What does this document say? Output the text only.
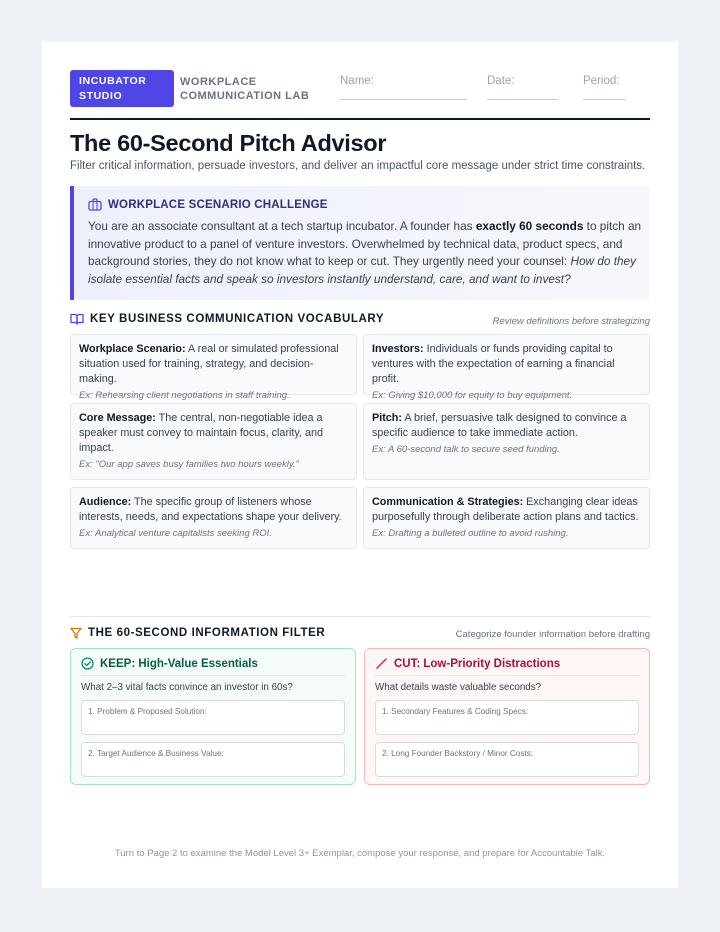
INCUBATOR
STUDIO
WORKPLACE
COMMUNICATION LAB
Name:	Date:	Period:
The 60-Second Pitch Advisor
Filter critical information, persuade investors, and deliver an impactful core message under strict time constraints.
WORKPLACE SCENARIO CHALLENGE
You are an associate consultant at a tech startup incubator. A founder has exactly 60 seconds to pitch an innovative product to a panel of venture investors. Overwhelmed by technical data, product specs, and background stories, they do not know what to keep or cut. They urgently need your counsel: How do they isolate essential facts and speak so investors instantly understand, care, and want to invest?
KEY BUSINESS COMMUNICATION VOCABULARY	Review definitions before strategizing
Workplace Scenario: A real or simulated professional situation used for training, strategy, and decision-making.
Ex: Rehearsing client negotiations in staff training.
Investors: Individuals or funds providing capital to ventures with the expectation of earning a financial profit.
Ex: Giving $10,000 for equity to buy equipment.
Core Message: The central, non-negotiable idea a speaker must convey to maintain focus, clarity, and impact.
Ex: "Our app saves busy families two hours weekly."
Pitch: A brief, persuasive talk designed to convince a specific audience to take immediate action.
Ex: A 60-second talk to secure seed funding.
Audience: The specific group of listeners whose interests, needs, and expectations shape your delivery.
Ex: Analytical venture capitalists seeking ROI.
Communication & Strategies: Exchanging clear ideas purposefully through deliberate action plans and tactics.
Ex: Drafting a bulleted outline to avoid rushing.
THE 60-SECOND INFORMATION FILTER	Categorize founder information before drafting
KEEP: High-Value Essentials
What 2–3 vital facts convince an investor in 60s?
1. Problem & Proposed Solution:
2. Target Audience & Business Value:
CUT: Low-Priority Distractions
What details waste valuable seconds?
1. Secondary Features & Coding Specs:
2. Long Founder Backstory / Minor Costs:
Turn to Page 2 to examine the Model Level 3+ Exemplar, compose your response, and prepare for Accountable Talk.
